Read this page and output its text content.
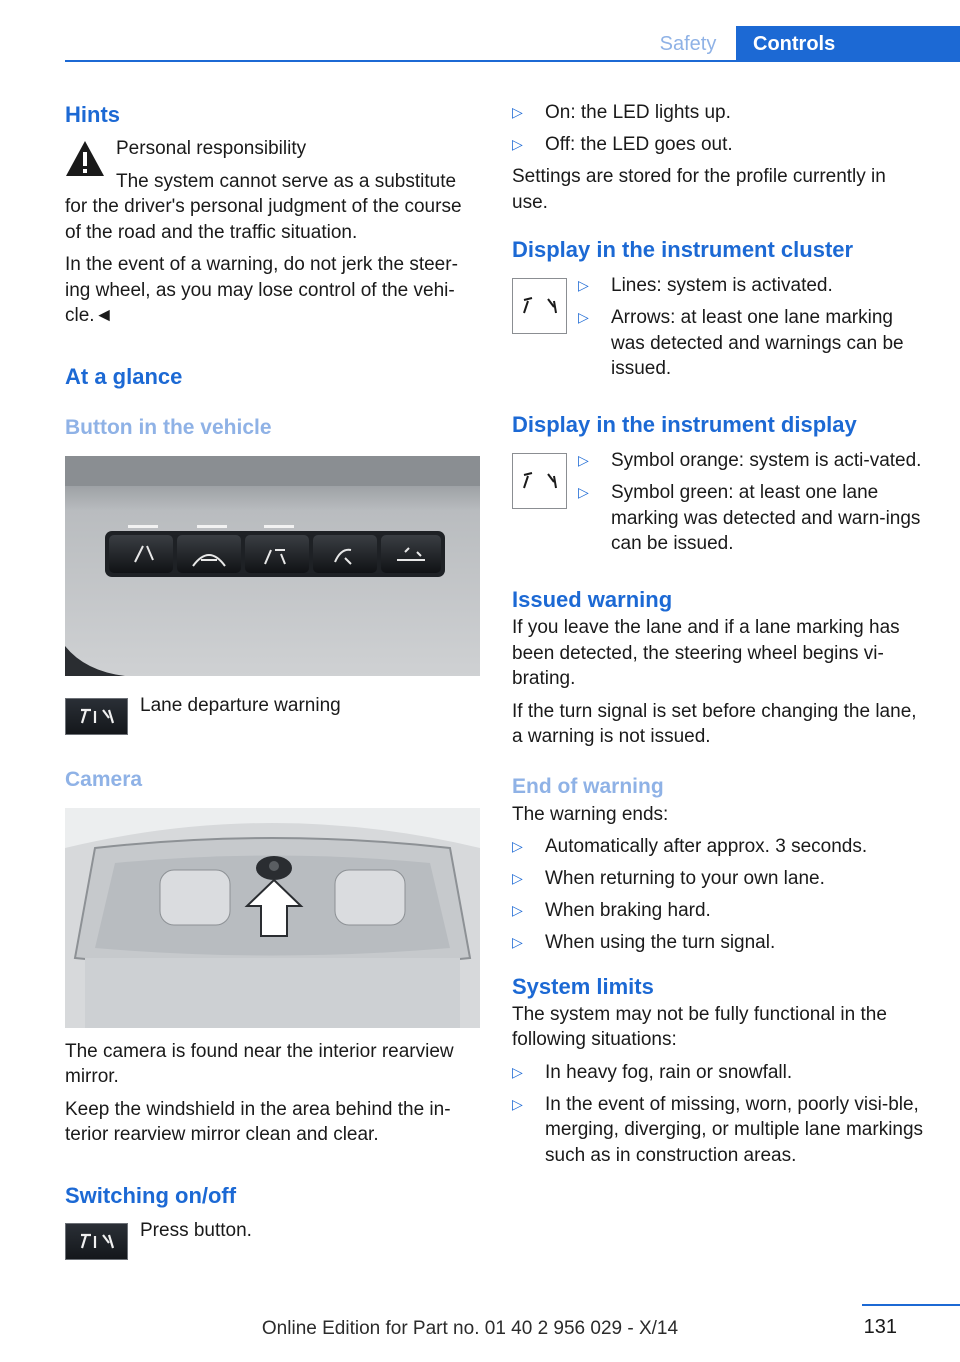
Safety	Controls
Hints

Personal responsibility

The system cannot serve as a substitute

for the driver's personal judgment of the course of the road and the traffic situation.

In the event of a warning, do not jerk the steer-ing wheel, as you may lose control of the vehi-cle.◄

At a glance
Button in the vehicle

Lane departure warning

Camera

The camera is found near the interior rearview mirror.

Keep the windshield in the area behind the in-terior rearview mirror clean and clear.

Switching on/off

Press button.

▷ On: the LED lights up.
▷ Off: the LED goes out.

Settings are stored for the profile currently in use.

Display in the instrument cluster
▷ Lines: system is activated.
▷ Arrows: at least one lane marking was detected and warnings can be issued.
Display in the instrument display
▷ Symbol orange: system is acti-vated.
▷ Symbol green: at least one lane marking was detected and warn-ings can be issued.
Issued warning

If you leave the lane and if a lane marking has been detected, the steering wheel begins vi-brating.

If the turn signal is set before changing the lane, a warning is not issued.

End of warning

The warning ends:

▷ Automatically after approx. 3 seconds.
▷ When returning to your own lane.
▷ When braking hard.
▷ When using the turn signal.
System limits

The system may not be fully functional in the following situations:

▷ In heavy fog, rain or snowfall.
▷ In the event of missing, worn, poorly visi-ble, merging, diverging, or multiple lane markings such as in construction areas.
131
Online Edition for Part no. 01 40 2 956 029 - X/14
